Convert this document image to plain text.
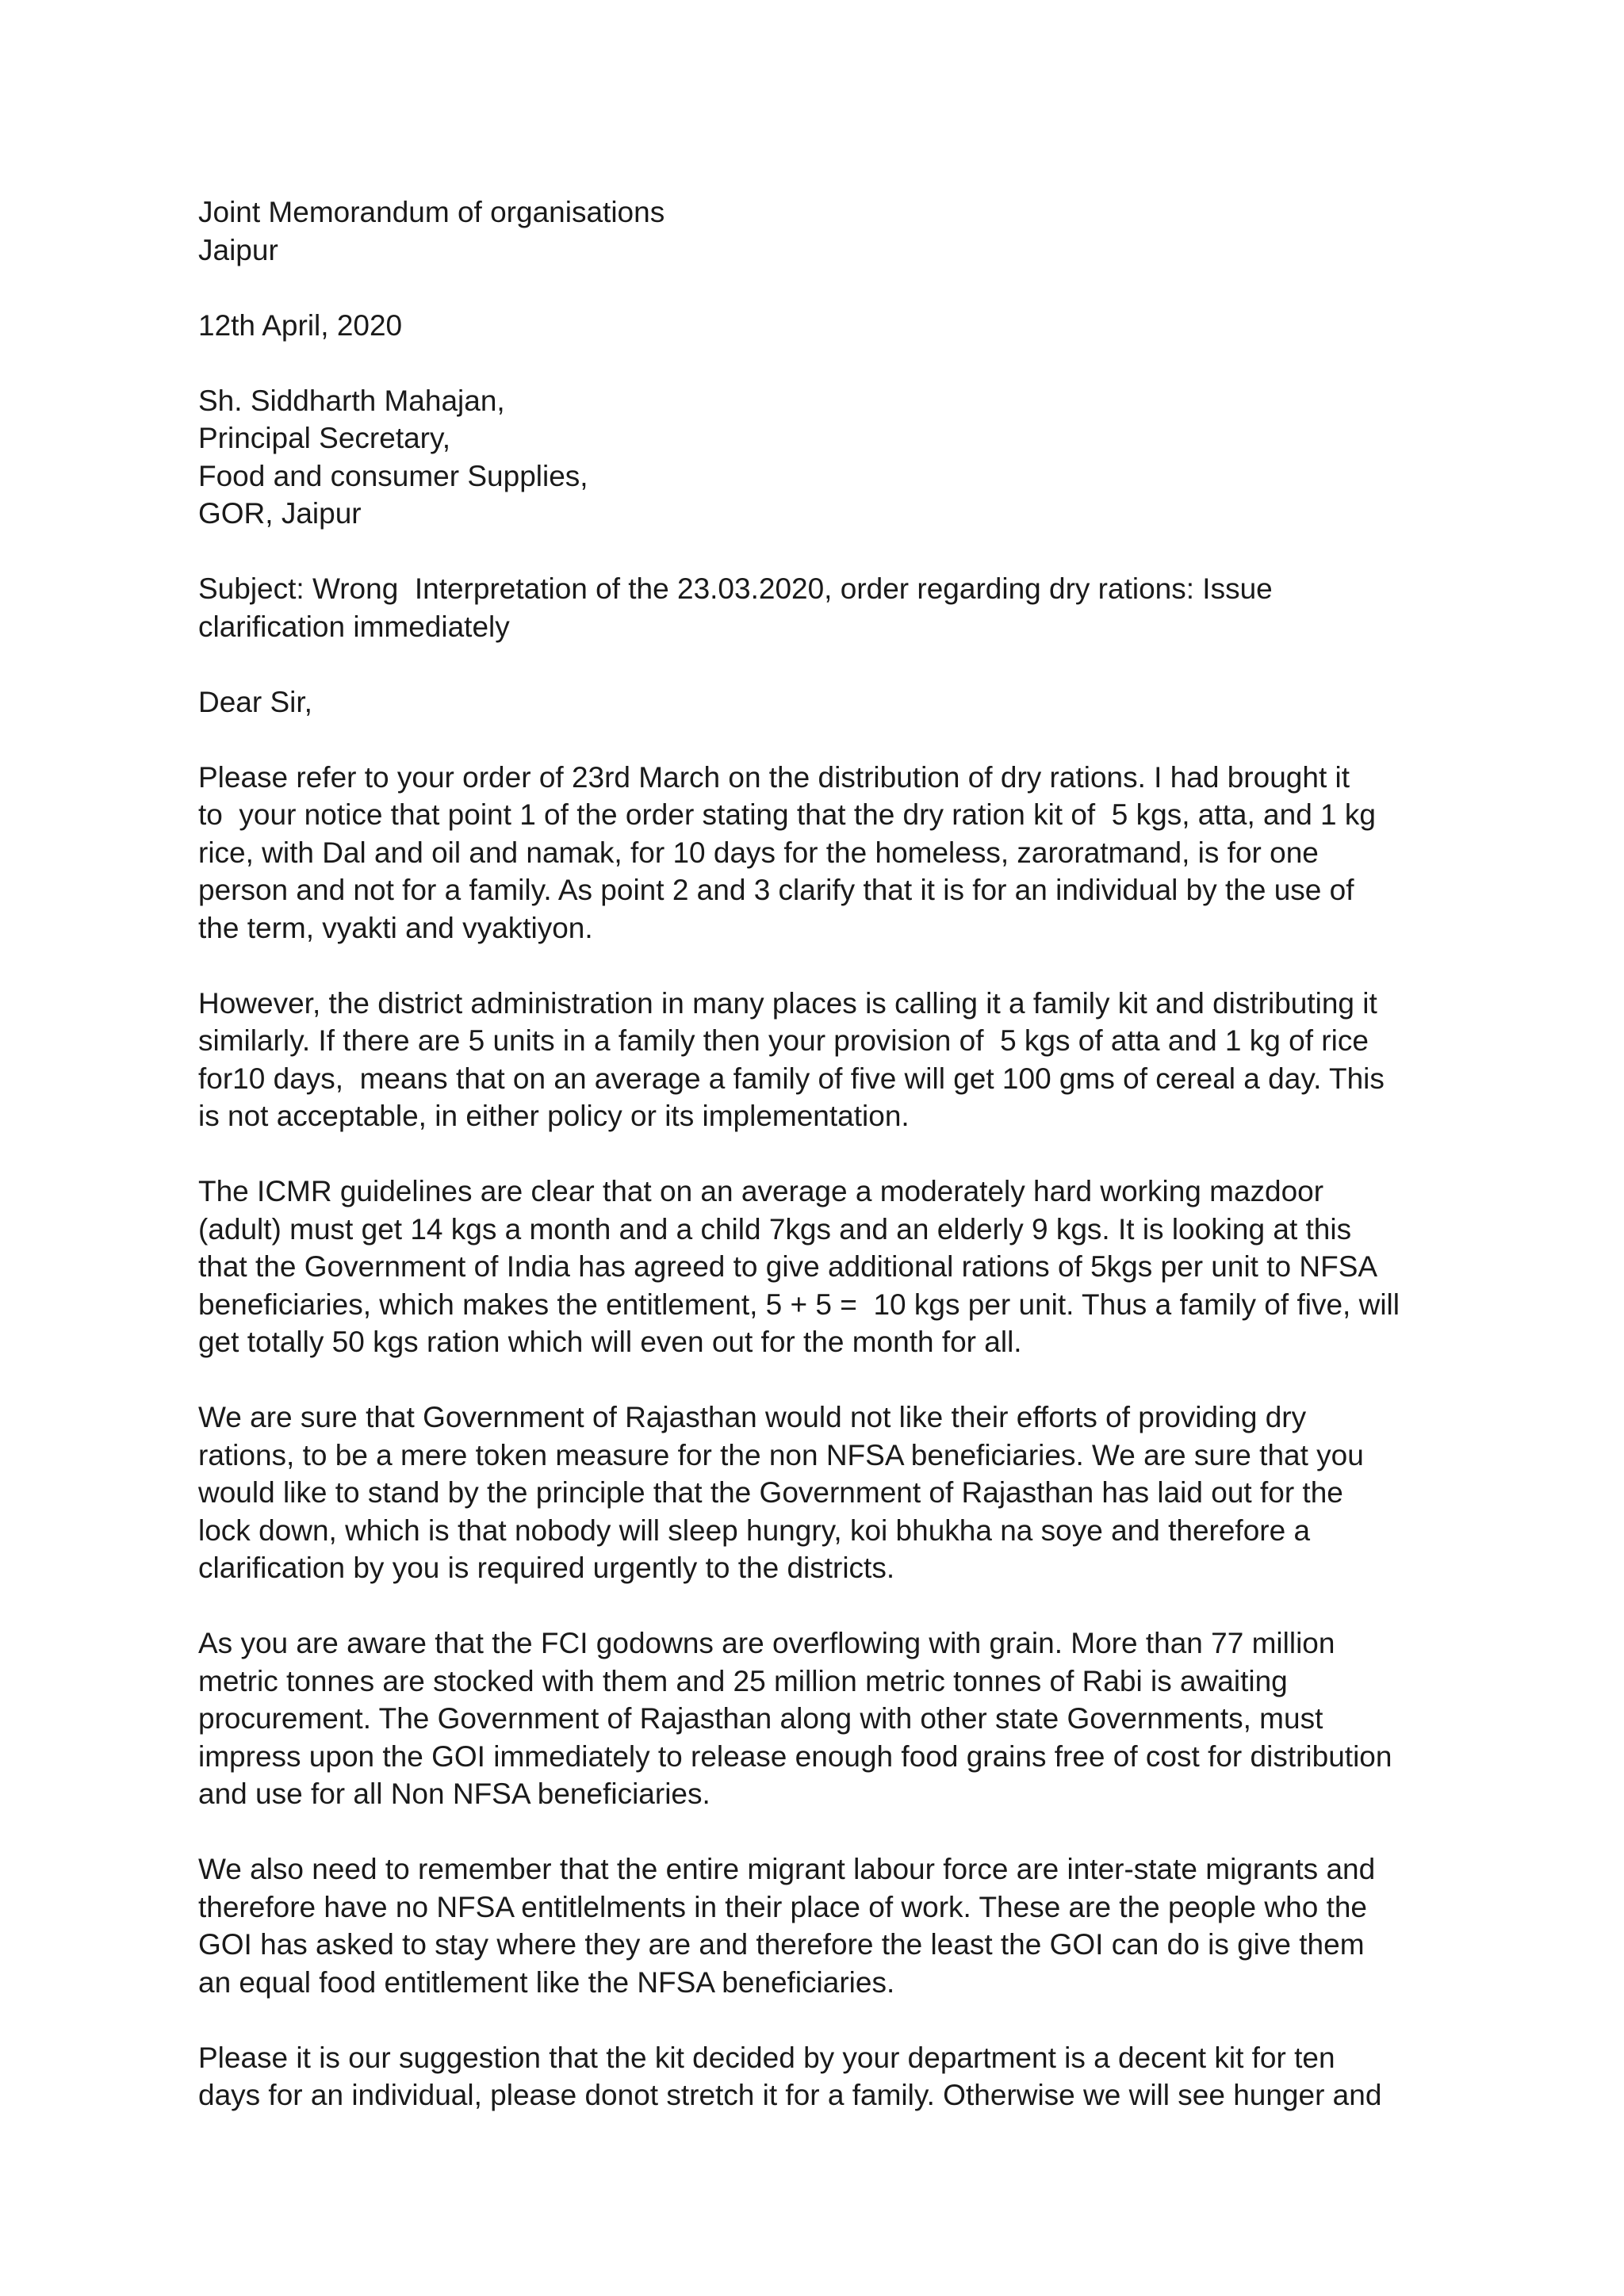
Joint Memorandum of organisations
Jaipur
12th April, 2020
Sh. Siddharth Mahajan,
Principal Secretary,
Food and consumer Supplies,
GOR, Jaipur
Subject: Wrong  Interpretation of the 23.03.2020, order regarding dry rations: Issue
clarification immediately
Dear Sir,
Please refer to your order of 23rd March on the distribution of dry rations. I had brought it
to  your notice that point 1 of the order stating that the dry ration kit of  5 kgs, atta, and 1 kg
rice, with Dal and oil and namak, for 10 days for the homeless, zaroratmand, is for one
person and not for a family. As point 2 and 3 clarify that it is for an individual by the use of
the term, vyakti and vyaktiyon.
However, the district administration in many places is calling it a family kit and distributing it
similarly. If there are 5 units in a family then your provision of  5 kgs of atta and 1 kg of rice
for10 days,  means that on an average a family of five will get 100 gms of cereal a day. This
is not acceptable, in either policy or its implementation.
The ICMR guidelines are clear that on an average a moderately hard working mazdoor
(adult) must get 14 kgs a month and a child 7kgs and an elderly 9 kgs. It is looking at this
that the Government of India has agreed to give additional rations of 5kgs per unit to NFSA
beneficiaries, which makes the entitlement, 5 + 5 =  10 kgs per unit. Thus a family of five, will
get totally 50 kgs ration which will even out for the month for all.
We are sure that Government of Rajasthan would not like their efforts of providing dry
rations, to be a mere token measure for the non NFSA beneficiaries. We are sure that you
would like to stand by the principle that the Government of Rajasthan has laid out for the
lock down, which is that nobody will sleep hungry, koi bhukha na soye and therefore a
clarification by you is required urgently to the districts.
As you are aware that the FCI godowns are overflowing with grain. More than 77 million
metric tonnes are stocked with them and 25 million metric tonnes of Rabi is awaiting
procurement. The Government of Rajasthan along with other state Governments, must
impress upon the GOI immediately to release enough food grains free of cost for distribution
and use for all Non NFSA beneficiaries.
We also need to remember that the entire migrant labour force are inter-state migrants and
therefore have no NFSA entitlelments in their place of work. These are the people who the
GOI has asked to stay where they are and therefore the least the GOI can do is give them
an equal food entitlement like the NFSA beneficiaries.
Please it is our suggestion that the kit decided by your department is a decent kit for ten
days for an individual, please donot stretch it for a family. Otherwise we will see hunger and
